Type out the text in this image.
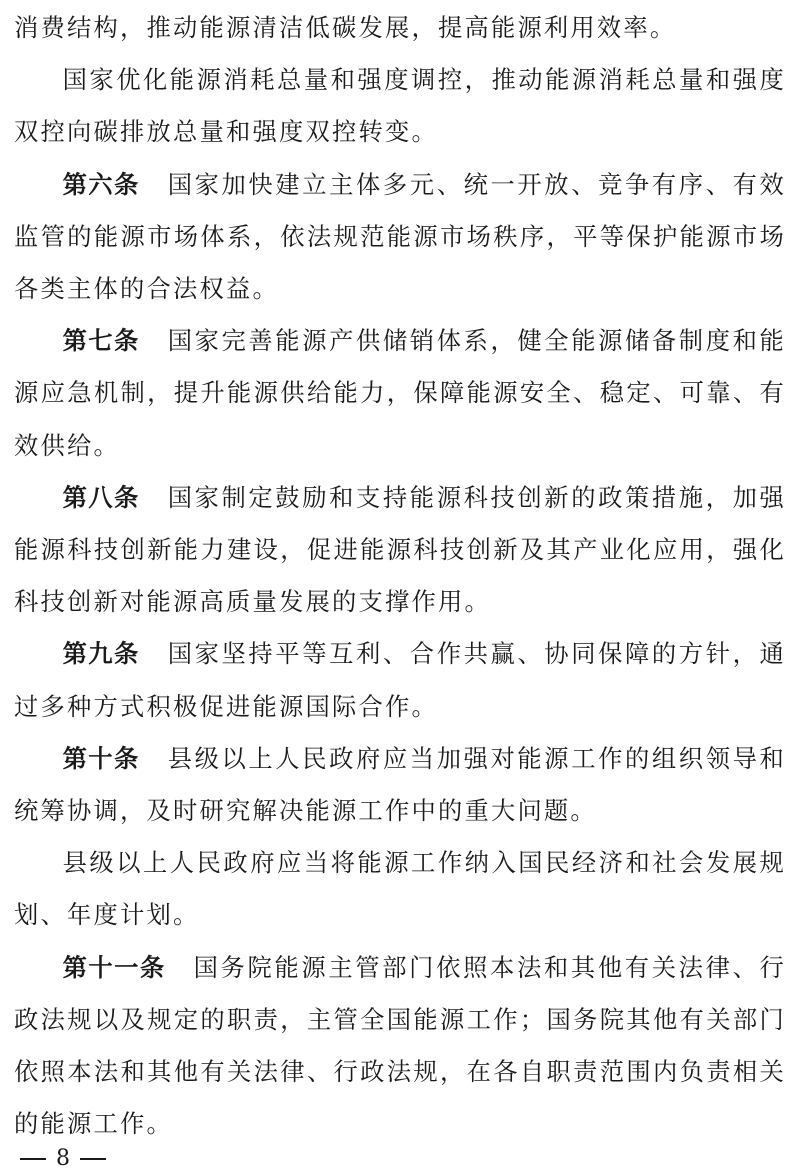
消费结构，推动能源清洁低碳发展，提高能源利用效率。

国家优化能源消耗总量和强度调控，推动能源消耗总量和强度双控向碳排放总量和强度双控转变。

第六条 国家加快建立主体多元、统一开放、竞争有序、有效监管的能源市场体系，依法规范能源市场秩序，平等保护能源市场各类主体的合法权益。

第七条 国家完善能源产供储销体系，健全能源储备制度和能源应急机制，提升能源供给能力，保障能源安全、稳定、可靠、有效供给。

第八条 国家制定鼓励和支持能源科技创新的政策措施，加强能源科技创新能力建设，促进能源科技创新及其产业化应用，强化科技创新对能源高质量发展的支撑作用。

第九条 国家坚持平等互利、合作共赢、协同保障的方针，通过多种方式积极促进能源国际合作。

第十条 县级以上人民政府应当加强对能源工作的组织领导和统筹协调，及时研究解决能源工作中的重大问题。

县级以上人民政府应当将能源工作纳入国民经济和社会发展规划、年度计划。

第十一条 国务院能源主管部门依照本法和其他有关法律、行政法规以及规定的职责，主管全国能源工作；国务院其他有关部门依照本法和其他有关法律、行政法规，在各自职责范围内负责相关的能源工作。

8
